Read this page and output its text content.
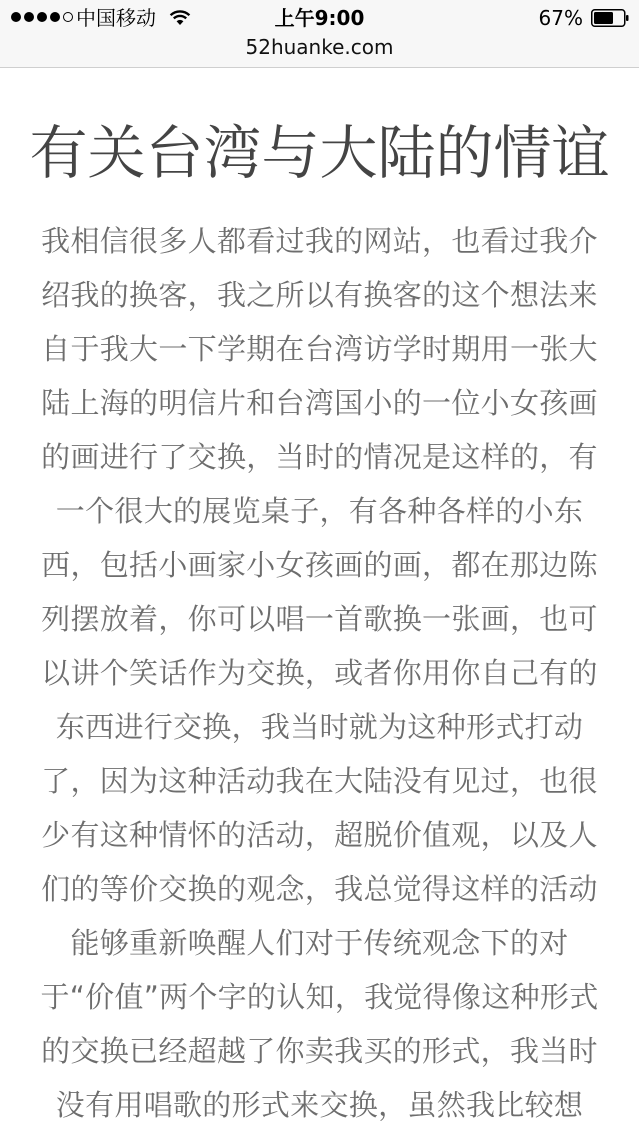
中国移动	上午9:00	67%
52huanke.com
有关台湾与大陆的情谊
我相信很多人都看过我的网站，也看过我介
绍我的换客，我之所以有换客的这个想法来
自于我大一下学期在台湾访学时期用一张大
陆上海的明信片和台湾国小的一位小女孩画
的画进行了交换，当时的情况是这样的，有
一个很大的展览桌子，有各种各样的小东
西，包括小画家小女孩画的画，都在那边陈
列摆放着，你可以唱一首歌换一张画，也可
以讲个笑话作为交换，或者你用你自己有的
东西进行交换，我当时就为这种形式打动
了，因为这种活动我在大陆没有见过，也很
少有这种情怀的活动，超脱价值观，以及人
们的等价交换的观念，我总觉得这样的活动
能够重新唤醒人们对于传统观念下的对
于“价值”两个字的认知，我觉得像这种形式
的交换已经超越了你卖我买的形式，我当时
没有用唱歌的形式来交换，虽然我比较想
